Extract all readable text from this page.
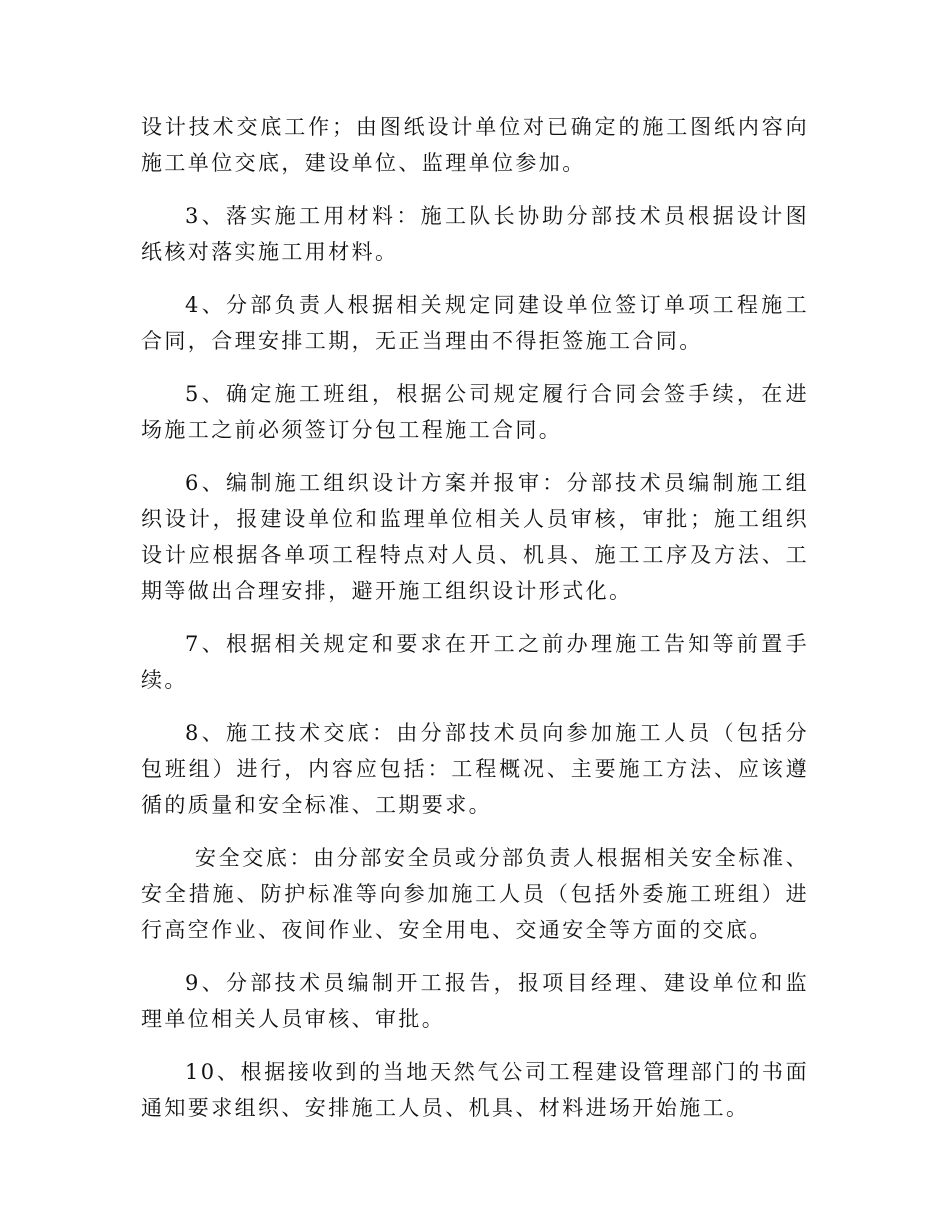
设计技术交底工作；由图纸设计单位对已确定的施工图纸内容向施工单位交底，建设单位、监理单位参加。

3、落实施工用材料：施工队长协助分部技术员根据设计图纸核对落实施工用材料。

4、分部负责人根据相关规定同建设单位签订单项工程施工合同，合理安排工期，无正当理由不得拒签施工合同。

5、确定施工班组，根据公司规定履行合同会签手续，在进场施工之前必须签订分包工程施工合同。

6、编制施工组织设计方案并报审：分部技术员编制施工组织设计，报建设单位和监理单位相关人员审核，审批；施工组织设计应根据各单项工程特点对人员、机具、施工工序及方法、工期等做出合理安排，避开施工组织设计形式化。

7、根据相关规定和要求在开工之前办理施工告知等前置手续。

8、施工技术交底：由分部技术员向参加施工人员（包括分包班组）进行，内容应包括：工程概况、主要施工方法、应该遵循的质量和安全标准、工期要求。

安全交底：由分部安全员或分部负责人根据相关安全标准、安全措施、防护标准等向参加施工人员（包括外委施工班组）进行高空作业、夜间作业、安全用电、交通安全等方面的交底。

9、分部技术员编制开工报告，报项目经理、建设单位和监理单位相关人员审核、审批。

10、根据接收到的当地天然气公司工程建设管理部门的书面通知要求组织、安排施工人员、机具、材料进场开始施工。
